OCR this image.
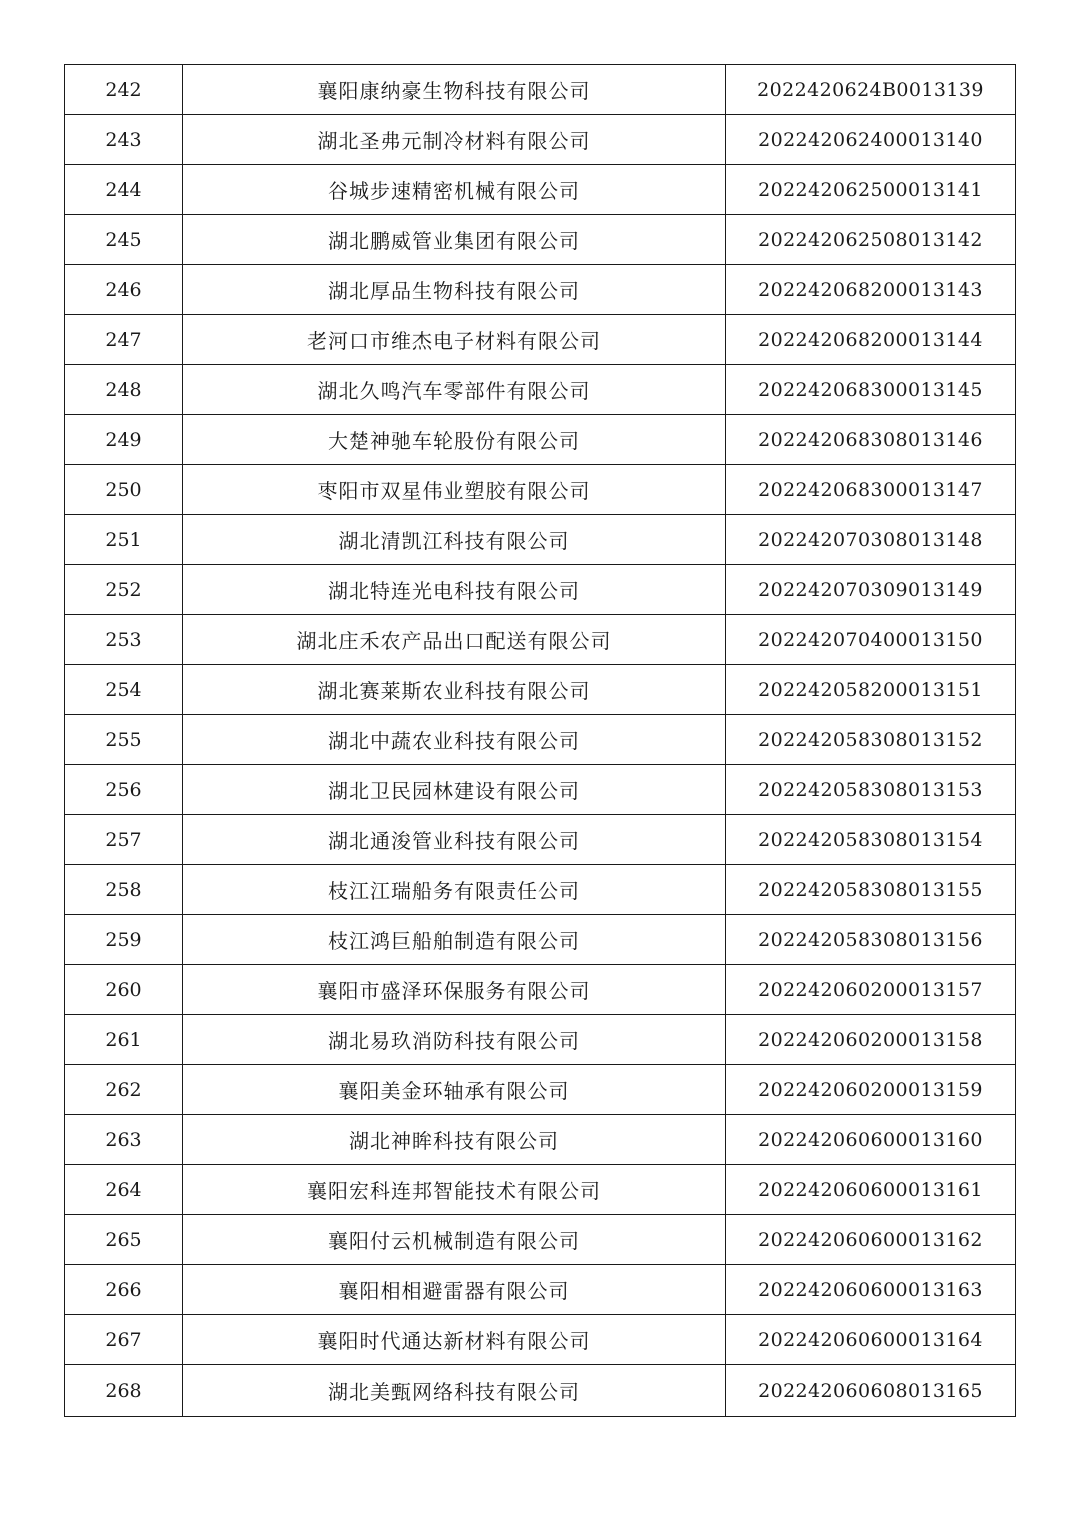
242	襄阳康纳豪生物科技有限公司	2022420624B0013139
243	湖北圣弗元制冷材料有限公司	202242062400013140
244	谷城步速精密机械有限公司	202242062500013141
245	湖北鹏威管业集团有限公司	202242062508013142
246	湖北厚品生物科技有限公司	202242068200013143
247	老河口市维杰电子材料有限公司	202242068200013144
248	湖北久鸣汽车零部件有限公司	202242068300013145
249	大楚神驰车轮股份有限公司	202242068308013146
250	枣阳市双星伟业塑胶有限公司	202242068300013147
251	湖北清凯江科技有限公司	202242070308013148
252	湖北特连光电科技有限公司	202242070309013149
253	湖北庄禾农产品出口配送有限公司	202242070400013150
254	湖北赛莱斯农业科技有限公司	202242058200013151
255	湖北中蔬农业科技有限公司	202242058308013152
256	湖北卫民园林建设有限公司	202242058308013153
257	湖北通浚管业科技有限公司	202242058308013154
258	枝江江瑞船务有限责任公司	202242058308013155
259	枝江鸿巨船舶制造有限公司	202242058308013156
260	襄阳市盛泽环保服务有限公司	202242060200013157
261	湖北易玖消防科技有限公司	202242060200013158
262	襄阳美金环轴承有限公司	202242060200013159
263	湖北神眸科技有限公司	202242060600013160
264	襄阳宏科连邦智能技术有限公司	202242060600013161
265	襄阳付云机械制造有限公司	202242060600013162
266	襄阳相相避雷器有限公司	202242060600013163
267	襄阳时代通达新材料有限公司	202242060600013164
268	湖北美甄网络科技有限公司	202242060608013165
